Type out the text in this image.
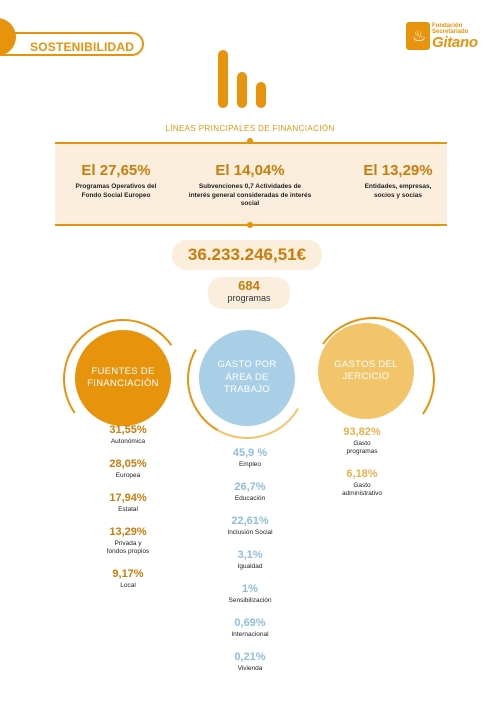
SOSTENIBILIDAD
♨
Fundación
Secretariado
Gitano
LÍNEAS PRINCIPALES DE FINANCIACIÓN
El 27,65%
Programas Operativos del
Fondo Social Europeo
El 14,04%
Subvenciones 0,7 Actividades de
interés general consideradas de interés
social
El 13,29%
Entidades, empresas,
socios y socias
36.233.246,51€
684
programas
FUENTES DE
FINANCIACIÓN
GASTO POR
ÁREA DE
TRABAJO
GASTOS DEL
JERCICIO
31,55%
Autonómica
28,05%
Europea
17,94%
Estatal
13,29%
Privada y
fondos propios
9,17%
Local
45,9 %
Empleo
26,7%
Educación
22,61%
Inclusión Social
3,1%
Igualdad
1%
Sensibilización
0,69%
Internacional
0,21%
Vivienda
93,82%
Gasto
programas
6,18%
Gasto
administrativo
